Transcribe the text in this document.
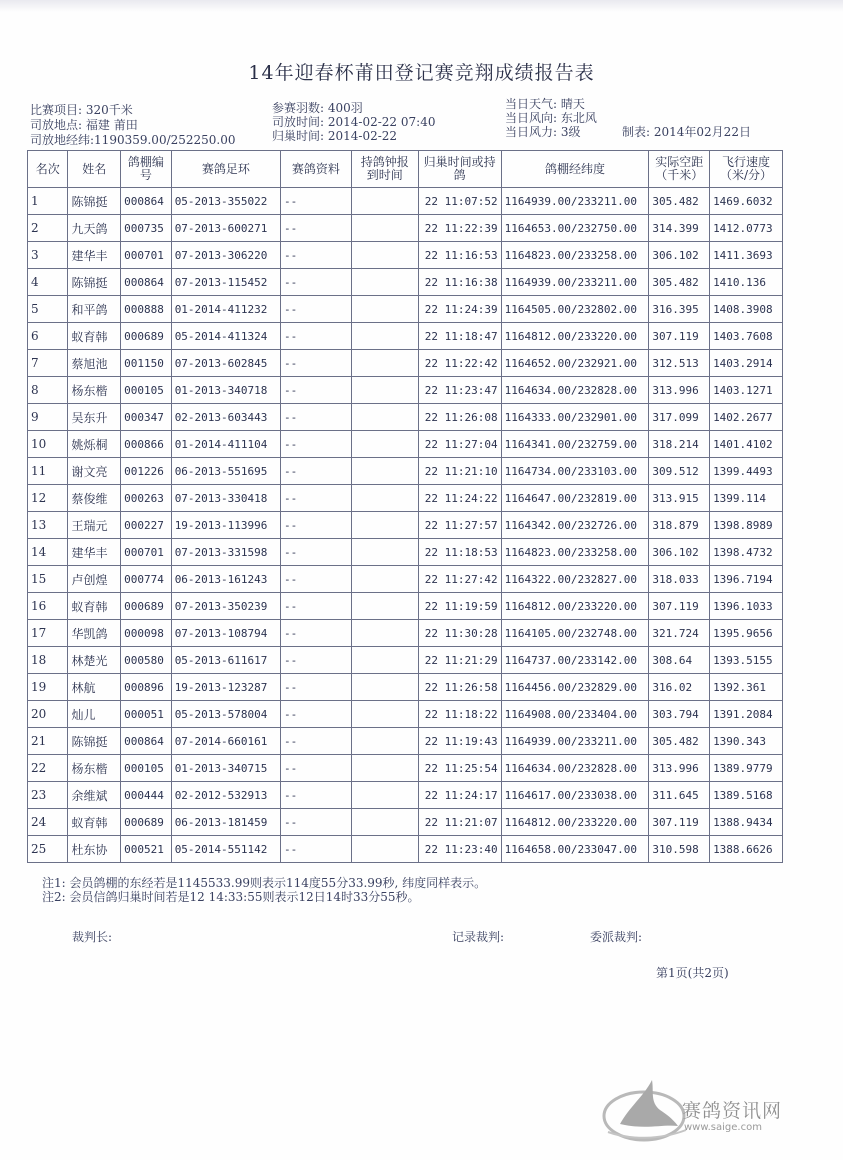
14年迎春杯莆田登记赛竞翔成绩报告表
比赛项目: 320千米
司放地点: 福建 莆田
司放地经纬:1190359.00/252250.00
参赛羽数: 400羽
司放时间: 2014-02-22 07:40
归巢时间: 2014-02-22
当日天气: 晴天
当日风向: 东北风
当日风力: 3级	制表: 2014年02月22日
名次	姓名	鸽棚编号	赛鸽足环	赛鸽资料	持鸽钟报到时间	归巢时间或持鸽	鸽棚经纬度	实际空距（千米）	飞行速度（米/分）
1	陈锦挺	000864	05-2013-355022	--		22 11:07:52	1164939.00/233211.00	305.482	1469.6032
2	九天鸽	000735	07-2013-600271	--		22 11:22:39	1164653.00/232750.00	314.399	1412.0773
3	建华丰	000701	07-2013-306220	--		22 11:16:53	1164823.00/233258.00	306.102	1411.3693
4	陈锦挺	000864	07-2013-115452	--		22 11:16:38	1164939.00/233211.00	305.482	1410.136
5	和平鸽	000888	01-2014-411232	--		22 11:24:39	1164505.00/232802.00	316.395	1408.3908
6	蚁育韩	000689	05-2014-411324	--		22 11:18:47	1164812.00/233220.00	307.119	1403.7608
7	蔡旭池	001150	07-2013-602845	--		22 11:22:42	1164652.00/232921.00	312.513	1403.2914
8	杨东楷	000105	01-2013-340718	--		22 11:23:47	1164634.00/232828.00	313.996	1403.1271
9	吴东升	000347	02-2013-603443	--		22 11:26:08	1164333.00/232901.00	317.099	1402.2677
10	姚烁桐	000866	01-2014-411104	--		22 11:27:04	1164341.00/232759.00	318.214	1401.4102
11	谢文亮	001226	06-2013-551695	--		22 11:21:10	1164734.00/233103.00	309.512	1399.4493
12	蔡俊维	000263	07-2013-330418	--		22 11:24:22	1164647.00/232819.00	313.915	1399.114
13	王瑞元	000227	19-2013-113996	--		22 11:27:57	1164342.00/232726.00	318.879	1398.8989
14	建华丰	000701	07-2013-331598	--		22 11:18:53	1164823.00/233258.00	306.102	1398.4732
15	卢创煌	000774	06-2013-161243	--		22 11:27:42	1164322.00/232827.00	318.033	1396.7194
16	蚁育韩	000689	07-2013-350239	--		22 11:19:59	1164812.00/233220.00	307.119	1396.1033
17	华凯鸽	000098	07-2013-108794	--		22 11:30:28	1164105.00/232748.00	321.724	1395.9656
18	林楚光	000580	05-2013-611617	--		22 11:21:29	1164737.00/233142.00	308.64	1393.5155
19	林航	000896	19-2013-123287	--		22 11:26:58	1164456.00/232829.00	316.02	1392.361
20	灿儿	000051	05-2013-578004	--		22 11:18:22	1164908.00/233404.00	303.794	1391.2084
21	陈锦挺	000864	07-2014-660161	--		22 11:19:43	1164939.00/233211.00	305.482	1390.343
22	杨东楷	000105	01-2013-340715	--		22 11:25:54	1164634.00/232828.00	313.996	1389.9779
23	余维斌	000444	02-2012-532913	--		22 11:24:17	1164617.00/233038.00	311.645	1389.5168
24	蚁育韩	000689	06-2013-181459	--		22 11:21:07	1164812.00/233220.00	307.119	1388.9434
25	杜东协	000521	05-2014-551142	--		22 11:23:40	1164658.00/233047.00	310.598	1388.6626
注1: 会员鸽棚的东经若是1145533.99则表示114度55分33.99秒, 纬度同样表示。
注2: 会员信鸽归巢时间若是12 14:33:55则表示12日14时33分55秒。
裁判长:	记录裁判:	委派裁判:
第1页(共2页)
赛鸽资讯网
www.saige.com
